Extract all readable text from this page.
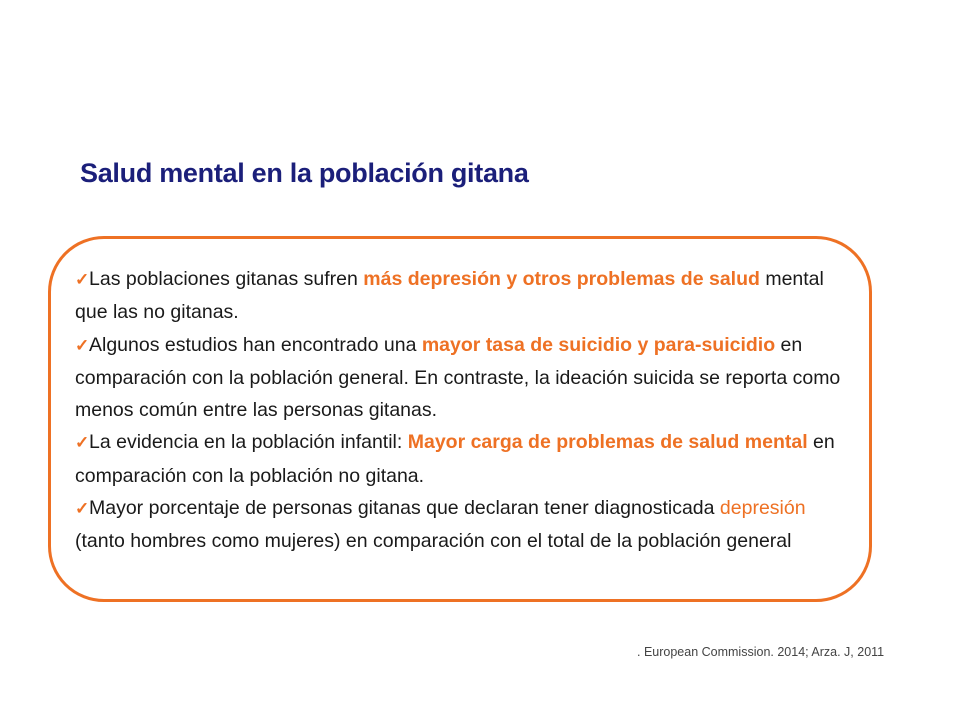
Salud mental en la población gitana
✓Las poblaciones gitanas sufren más depresión y otros problemas de salud mental que las no gitanas.
✓Algunos estudios han encontrado una mayor tasa de suicidio y para-suicidio en comparación con la población general. En contraste, la ideación suicida se reporta como menos común entre las personas gitanas.
✓La evidencia en la población infantil: Mayor carga de problemas de salud mental en comparación con la población no gitana.
✓Mayor porcentaje de personas gitanas que declaran tener diagnosticada depresión (tanto hombres como mujeres) en comparación con el total de la población general

. European Commission. 2014; Arza. J, 2011
